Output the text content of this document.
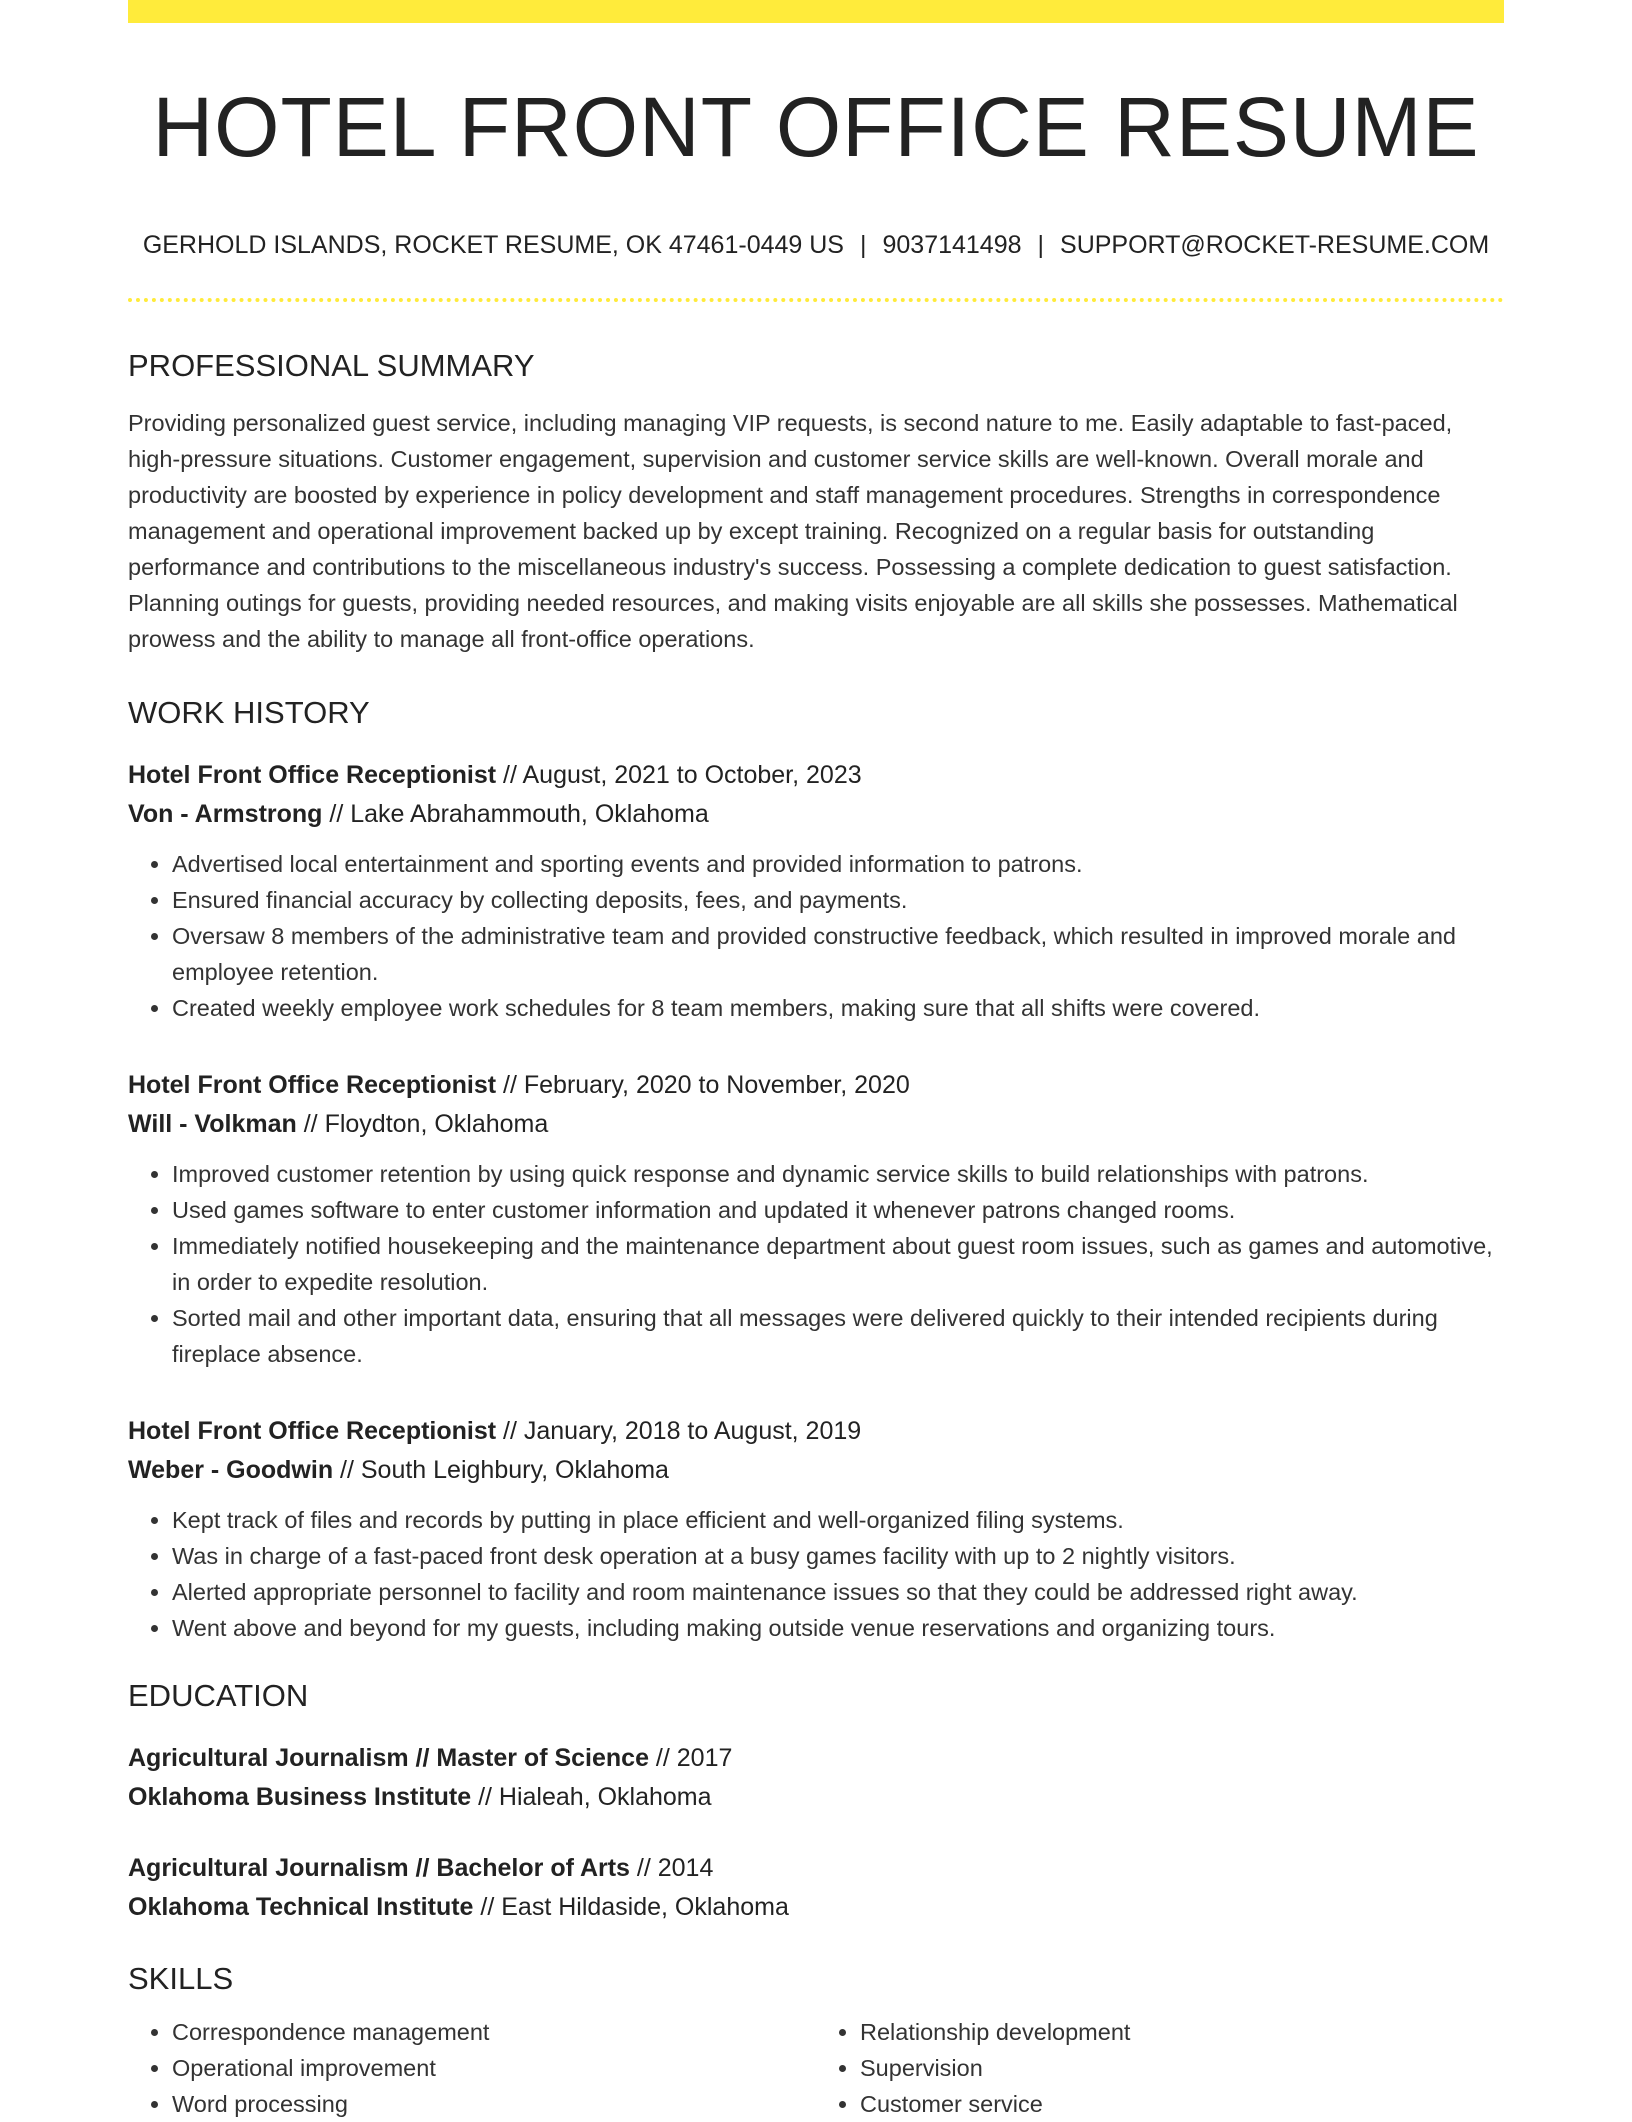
HOTEL FRONT OFFICE RESUME
GERHOLD ISLANDS, ROCKET RESUME, OK 47461-0449 US | 9037141498 | SUPPORT@ROCKET-RESUME.COM
PROFESSIONAL SUMMARY

Providing personalized guest service, including managing VIP requests, is second nature to me. Easily adaptable to fast-paced, high-pressure situations. Customer engagement, supervision and customer service skills are well-known. Overall morale and productivity are boosted by experience in policy development and staff management procedures. Strengths in correspondence management and operational improvement backed up by except training. Recognized on a regular basis for outstanding performance and contributions to the miscellaneous industry's success. Possessing a complete dedication to guest satisfaction. Planning outings for guests, providing needed resources, and making visits enjoyable are all skills she possesses. Mathematical prowess and the ability to manage all front-office operations.

WORK HISTORY
Hotel Front Office Receptionist // August, 2021 to October, 2023
Von - Armstrong // Lake Abrahammouth, Oklahoma
• Advertised local entertainment and sporting events and provided information to patrons.
• Ensured financial accuracy by collecting deposits, fees, and payments.
• Oversaw 8 members of the administrative team and provided constructive feedback, which resulted in improved morale and employee retention.
• Created weekly employee work schedules for 8 team members, making sure that all shifts were covered.
Hotel Front Office Receptionist // February, 2020 to November, 2020
Will - Volkman // Floydton, Oklahoma
• Improved customer retention by using quick response and dynamic service skills to build relationships with patrons.
• Used games software to enter customer information and updated it whenever patrons changed rooms.
• Immediately notified housekeeping and the maintenance department about guest room issues, such as games and automotive, in order to expedite resolution.
• Sorted mail and other important data, ensuring that all messages were delivered quickly to their intended recipients during fireplace absence.
Hotel Front Office Receptionist // January, 2018 to August, 2019
Weber - Goodwin // South Leighbury, Oklahoma
• Kept track of files and records by putting in place efficient and well-organized filing systems.
• Was in charge of a fast-paced front desk operation at a busy games facility with up to 2 nightly visitors.
• Alerted appropriate personnel to facility and room maintenance issues so that they could be addressed right away.
• Went above and beyond for my guests, including making outside venue reservations and organizing tours.
EDUCATION
Agricultural Journalism // Master of Science // 2017
Oklahoma Business Institute // Hialeah, Oklahoma
Agricultural Journalism // Bachelor of Arts // 2014
Oklahoma Technical Institute // East Hildaside, Oklahoma
SKILLS
• Correspondence management
• Operational improvement
• Word processing
• Relationship development
• Supervision
• Customer service
